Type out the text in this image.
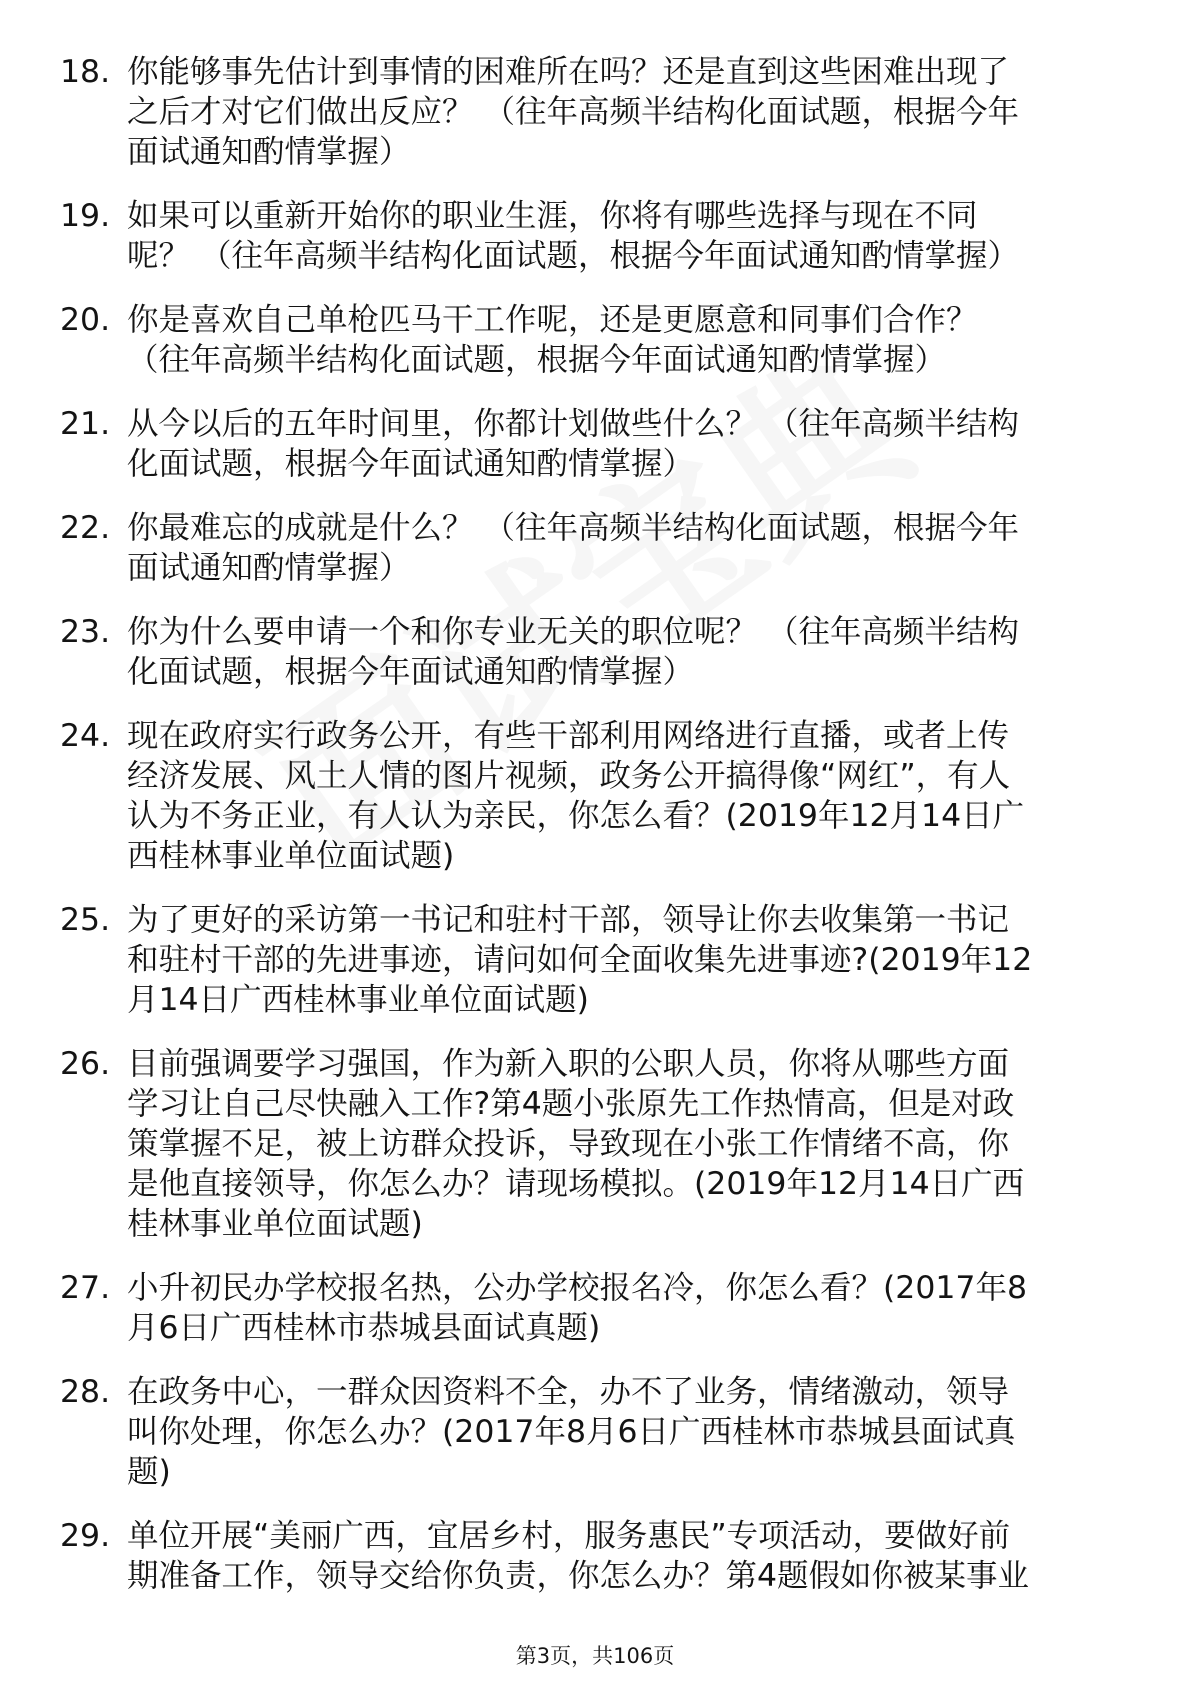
18. 你能够事先估计到事情的困难所在吗？还是直到这些困难出现了
之后才对它们做出反应？ （往年高频半结构化面试题，根据今年
面试通知酌情掌握）
19. 如果可以重新开始你的职业生涯，你将有哪些选择与现在不同
呢？ （往年高频半结构化面试题，根据今年面试通知酌情掌握）
20. 你是喜欢自己单枪匹马干工作呢，还是更愿意和同事们合作？
（往年高频半结构化面试题，根据今年面试通知酌情掌握）
21. 从今以后的五年时间里，你都计划做些什么？ （往年高频半结构
化面试题，根据今年面试通知酌情掌握）
22. 你最难忘的成就是什么？ （往年高频半结构化面试题，根据今年
面试通知酌情掌握）
23. 你为什么要申请一个和你专业无关的职位呢？ （往年高频半结构
化面试题，根据今年面试通知酌情掌握）
24. 现在政府实行政务公开，有些干部利用网络进行直播，或者上传
经济发展、风土人情的图片视频，政务公开搞得像“网红”，有人
认为不务正业，有人认为亲民，你怎么看？(2019年12月14日广
西桂林事业单位面试题)
25. 为了更好的采访第一书记和驻村干部，领导让你去收集第一书记
和驻村干部的先进事迹，请问如何全面收集先进事迹?(2019年12
月14日广西桂林事业单位面试题)
26. 目前强调要学习强国，作为新入职的公职人员，你将从哪些方面
学习让自己尽快融入工作?第4题小张原先工作热情高，但是对政
策掌握不足，被上访群众投诉，导致现在小张工作情绪不高，你
是他直接领导，你怎么办？请现场模拟。(2019年12月14日广西
桂林事业单位面试题)
27. 小升初民办学校报名热，公办学校报名冷，你怎么看？(2017年8
月6日广西桂林市恭城县面试真题)
28. 在政务中心，一群众因资料不全，办不了业务，情绪激动，领导
叫你处理，你怎么办？(2017年8月6日广西桂林市恭城县面试真
题)
29. 单位开展“美丽广西，宜居乡村，服务惠民”专项活动，要做好前
期准备工作，领导交给你负责，你怎么办？第4题假如你被某事业
第3页，共106页
